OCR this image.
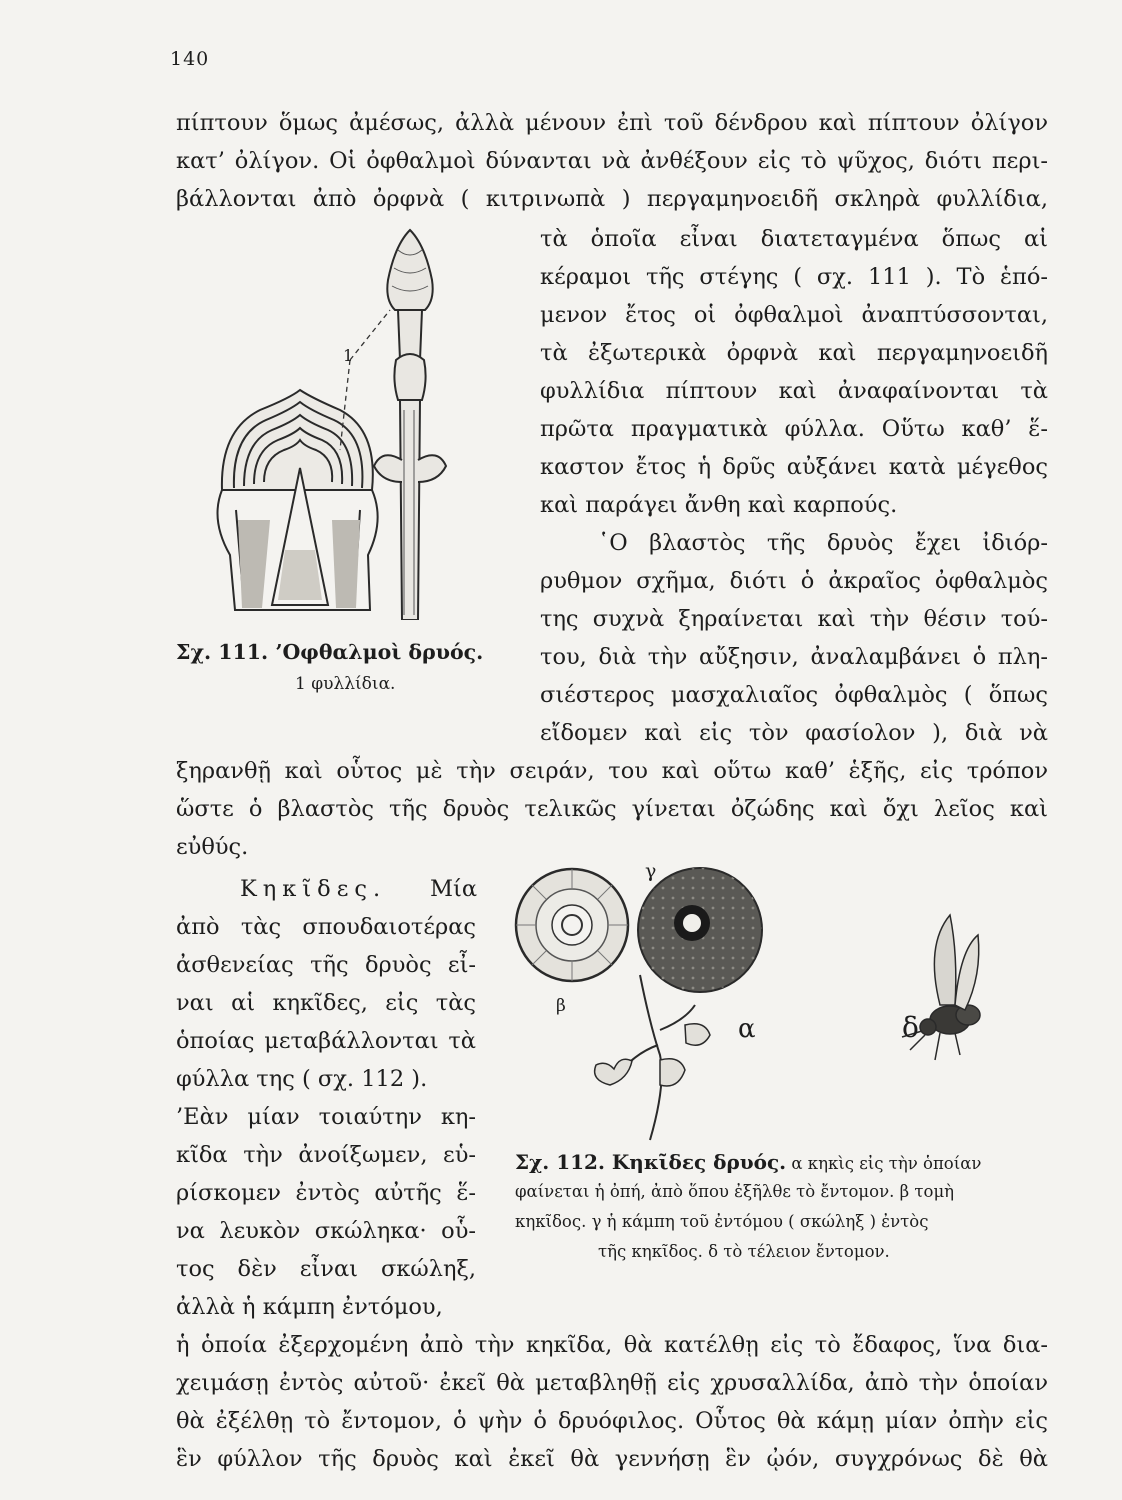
140
πίπτουν ὅμως ἀμέσως, ἀλλὰ μένουν ἐπὶ τοῦ δένδρου καὶ πίπτουν ὀλίγον
κατ’ ὀλίγον. Οἱ ὀφθαλμοὶ δύνανται νὰ ἀνθέξουν εἰς τὸ ψῦχος, διότι περι-
βάλλονται ἀπὸ ὀρφνὰ ( κιτρινωπὰ ) περγαμηνοειδῆ σκληρὰ φυλλίδια,
τὰ ὁποῖα εἶναι διατεταγμένα ὅπως αἱ
κέραμοι τῆς στέγης ( σχ. 111 ). Τὸ ἑπό-
μενον ἔτος οἱ ὀφθαλμοὶ ἀναπτύσσονται,
τὰ ἐξωτερικὰ ὀρφνὰ καὶ περγαμηνοειδῆ
φυλλίδια πίπτουν καὶ ἀναφαίνονται τὰ
πρῶτα πραγματικὰ φύλλα. Οὕτω καθ’ ἕ-
καστον ἔτος ἡ δρῦς αὐξάνει κατὰ μέγεθος
καὶ παράγει ἄνθη καὶ καρπούς.
῾Ο βλαστὸς τῆς δρυὸς ἔχει ἰδιόρ-
ρυθμον σχῆμα, διότι ὁ ἀκραῖος ὀφθαλμὸς
της συχνὰ ξηραίνεται καὶ τὴν θέσιν τού-
του, διὰ τὴν αὔξησιν, ἀναλαμβάνει ὁ πλη-
σιέστερος μασχαλιαῖος ὀφθαλμὸς ( ὅπως
εἴδομεν καὶ εἰς τὸν φασίολον ), διὰ νὰ
ξηρανθῇ καὶ οὗτος μὲ τὴν σειράν, του καὶ οὕτω καθ’ ἑξῆς, εἰς τρόπον
ὥστε ὁ βλαστὸς τῆς δρυὸς τελικῶς γίνεται ὀζώδης καὶ ὄχι λεῖος καὶ
εὐθύς.
1
Σχ. 111. ’Οφθαλμοὶ δρυός.
1 φυλλίδια.
Κηκῖδες. Μία
ἀπὸ τὰς σπουδαιοτέρας
ἀσθενείας τῆς δρυὸς εἶ-
ναι αἱ κηκῖδες, εἰς τὰς
ὁποίας μεταβάλλονται τὰ
φύλλα της ( σχ. 112 ).
’Εὰν μίαν τοιαύτην κη-
κῖδα τὴν ἀνοίξωμεν, εὑ-
ρίσκομεν ἐντὸς αὐτῆς ἕ-
να λευκὸν σκώληκα· οὗ-
τος δὲν εἶναι σκώληξ,
ἀλλὰ ἡ κάμπη ἐντόμου,
γ
β
α	δ
Σχ. 112. Κηκῖδες δρυός. α κηκὶς εἰς τὴν ὁποίαν
φαίνεται ἡ ὀπή, ἀπὸ ὅπου ἐξῆλθε τὸ ἔντομον. β τομὴ
κηκῖδος. γ ἡ κάμπη τοῦ ἐντόμου ( σκώληξ ) ἐντὸς
τῆς κηκῖδος. δ τὸ τέλειον ἔντομον.
ἡ ὁποία ἐξερχομένη ἀπὸ τὴν κηκῖδα, θὰ κατέλθῃ εἰς τὸ ἔδαφος, ἵνα δια-
χειμάσῃ ἐντὸς αὐτοῦ· ἐκεῖ θὰ μεταβληθῇ εἰς χρυσαλλίδα, ἀπὸ τὴν ὁποίαν
θὰ ἐξέλθῃ τὸ ἔντομον, ὁ ψὴν ὁ δρυόφιλος. Οὗτος θὰ κάμῃ μίαν ὀπὴν εἰς
ἓν φύλλον τῆς δρυὸς καὶ ἐκεῖ θὰ γεννήσῃ ἓν ᾠόν, συγχρόνως δὲ θὰ
